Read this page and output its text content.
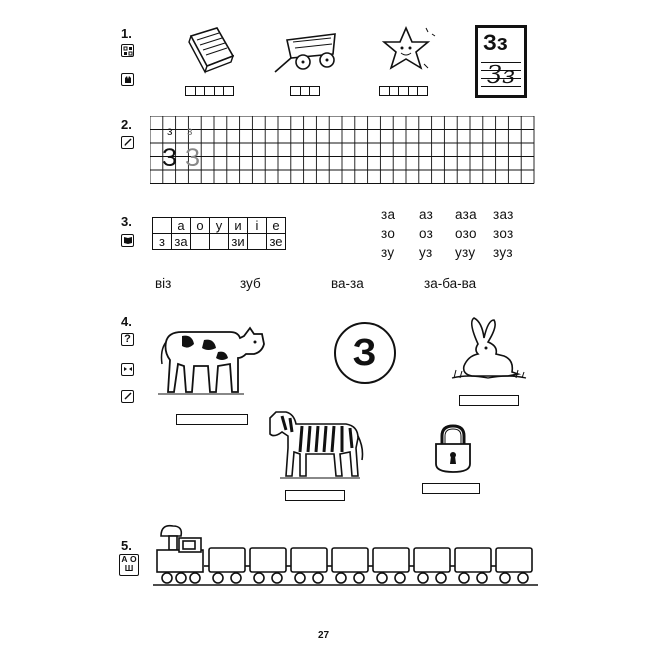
1.	Зз
Зз
2.	з з
З З
3.
		а	о	у	и	і	е
з	за			зи		зе
за аз аза заз
зо оз озо зоз
зу уз узу зуз
віз	зуб	ва-за	за-ба-ва
4.
?	З
5.
А О
Ш
27
